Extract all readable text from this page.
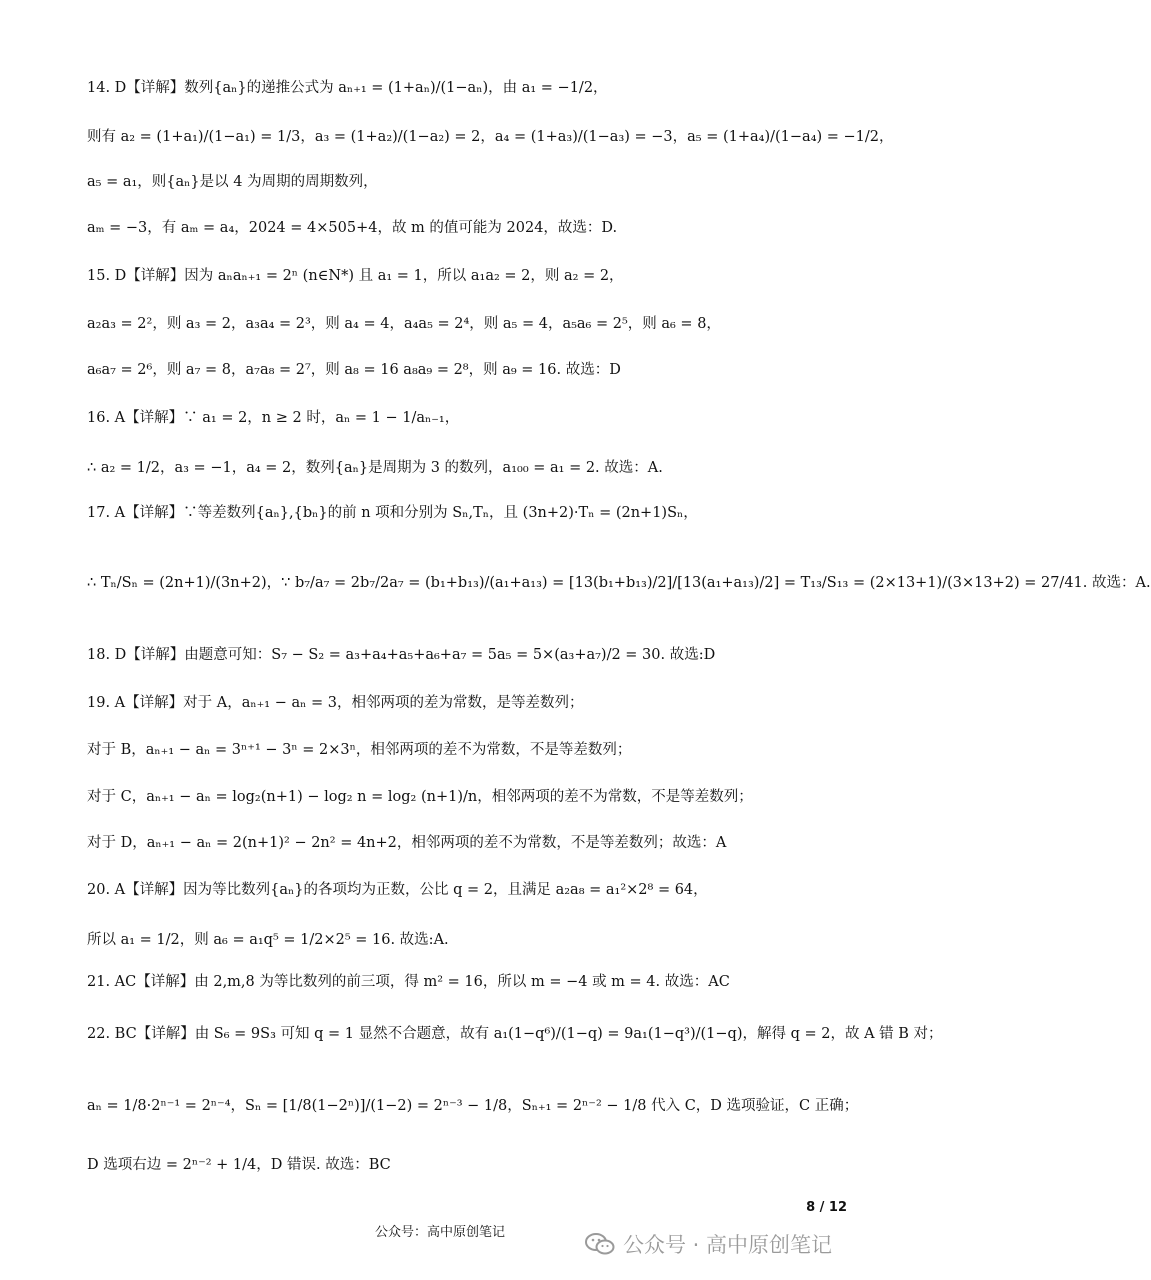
14. D【详解】数列{aₙ}的递推公式为 aₙ₊₁ = (1+aₙ)/(1−aₙ)，由 a₁ = −1/2，
则有 a₂ = (1+a₁)/(1−a₁) = 1/3，a₃ = (1+a₂)/(1−a₂) = 2，a₄ = (1+a₃)/(1−a₃) = −3，a₅ = (1+a₄)/(1−a₄) = −1/2，
a₅ = a₁，则{aₙ}是以 4 为周期的周期数列，
aₘ = −3，有 aₘ = a₄，2024 = 4×505+4，故 m 的值可能为 2024，故选：D.
15. D【详解】因为 aₙaₙ₊₁ = 2ⁿ (n∈N*) 且 a₁ = 1，所以 a₁a₂ = 2，则 a₂ = 2，
a₂a₃ = 2²，则 a₃ = 2，a₃a₄ = 2³，则 a₄ = 4，a₄a₅ = 2⁴，则 a₅ = 4，a₅a₆ = 2⁵，则 a₆ = 8，
a₆a₇ = 2⁶，则 a₇ = 8，a₇a₈ = 2⁷，则 a₈ = 16 a₈a₉ = 2⁸，则 a₉ = 16. 故选：D
16. A【详解】∵ a₁ = 2，n ≥ 2 时，aₙ = 1 − 1/aₙ₋₁，
∴ a₂ = 1/2，a₃ = −1，a₄ = 2，数列{aₙ}是周期为 3 的数列，a₁₀₀ = a₁ = 2. 故选：A.
17. A【详解】∵等差数列{aₙ},{bₙ}的前 n 项和分别为 Sₙ,Tₙ，且 (3n+2)·Tₙ = (2n+1)Sₙ，
∴ Tₙ/Sₙ = (2n+1)/(3n+2)，∵ b₇/a₇ = 2b₇/2a₇ = (b₁+b₁₃)/(a₁+a₁₃) = [13(b₁+b₁₃)/2]/[13(a₁+a₁₃)/2] = T₁₃/S₁₃ = (2×13+1)/(3×13+2) = 27/41. 故选：A.
18. D【详解】由题意可知：S₇ − S₂ = a₃+a₄+a₅+a₆+a₇ = 5a₅ = 5×(a₃+a₇)/2 = 30. 故选:D
19. A【详解】对于 A，aₙ₊₁ − aₙ = 3，相邻两项的差为常数，是等差数列；
对于 B，aₙ₊₁ − aₙ = 3ⁿ⁺¹ − 3ⁿ = 2×3ⁿ，相邻两项的差不为常数，不是等差数列；
对于 C，aₙ₊₁ − aₙ = log₂(n+1) − log₂ n = log₂ (n+1)/n，相邻两项的差不为常数，不是等差数列；
对于 D，aₙ₊₁ − aₙ = 2(n+1)² − 2n² = 4n+2，相邻两项的差不为常数，不是等差数列；故选：A
20. A【详解】因为等比数列{aₙ}的各项均为正数，公比 q = 2，且满足 a₂a₈ = a₁²×2⁸ = 64，
所以 a₁ = 1/2，则 a₆ = a₁q⁵ = 1/2×2⁵ = 16. 故选:A.
21. AC【详解】由 2,m,8 为等比数列的前三项，得 m² = 16，所以 m = −4 或 m = 4. 故选：AC
22. BC【详解】由 S₆ = 9S₃ 可知 q = 1 显然不合题意，故有 a₁(1−q⁶)/(1−q) = 9a₁(1−q³)/(1−q)，解得 q = 2，故 A 错 B 对；
aₙ = 1/8·2ⁿ⁻¹ = 2ⁿ⁻⁴，Sₙ = [1/8(1−2ⁿ)]/(1−2) = 2ⁿ⁻³ − 1/8，Sₙ₊₁ = 2ⁿ⁻² − 1/8 代入 C，D 选项验证，C 正确；
D 选项右边 = 2ⁿ⁻² + 1/4，D 错误. 故选：BC
8 / 12
公众号：高中原创笔记
公众号 · 高中原创笔记
